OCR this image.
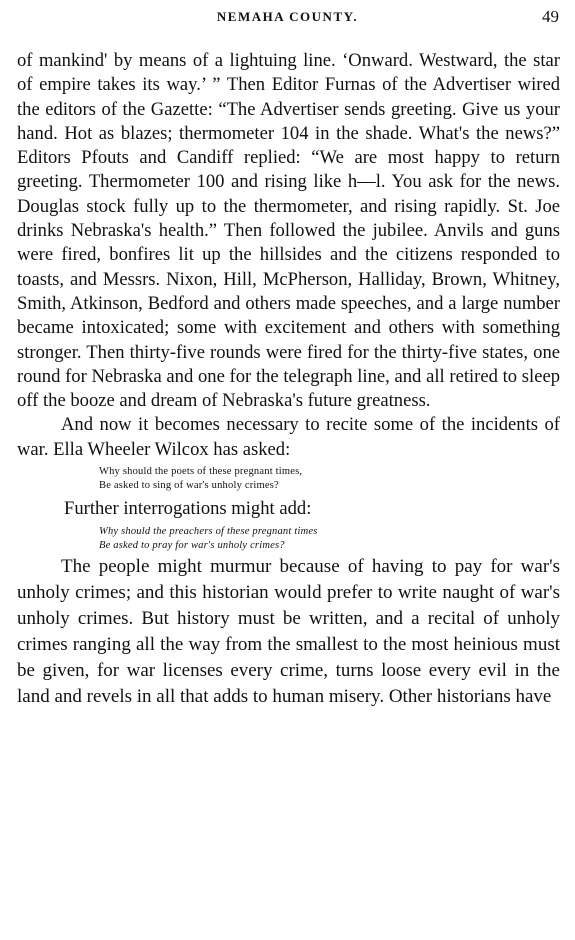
NEMAHA COUNTY.	49

of mankind' by means of a lightuing line. ‘Onward. Westward, the star of empire takes its way.’ ” Then Editor Furnas of the Advertiser wired the editors of the Gazette: “The Advertiser sends greeting. Give us your hand. Hot as blazes; thermometer 104 in the shade. What's the news?” Editors Pfouts and Candiff replied: “We are most happy to return greeting. Thermometer 100 and rising like h—l. You ask for the news. Douglas stock fully up to the thermometer, and rising rapidly. St. Joe drinks Nebraska's health.” Then followed the jubilee. Anvils and guns were fired, bonfires lit up the hillsides and the citizens responded to toasts, and Messrs. Nixon, Hill, McPherson, Halliday, Brown, Whitney, Smith, Atkinson, Bedford and others made speeches, and a large number became intoxicated; some with excitement and others with something stronger. Then thirty-five rounds were fired for the thirty-five states, one round for Nebraska and one for the telegraph line, and all retired to sleep off the booze and dream of Nebraska's future greatness.

And now it becomes necessary to recite some of the incidents of war. Ella Wheeler Wilcox has asked:

Why should the poets of these pregnant times,
Be asked to sing of war's unholy crimes?

Further interrogations might add:

Why should the preachers of these pregnant times
Be asked to pray for war's unholy crimes?

The people might murmur because of having to pay for war's unholy crimes; and this historian would prefer to write naught of war's unholy crimes. But history must be written, and a recital of unholy crimes ranging all the way from the smallest to the most heinious must be given, for war licenses every crime, turns loose every evil in the land and revels in all that adds to human misery. Other historians have
